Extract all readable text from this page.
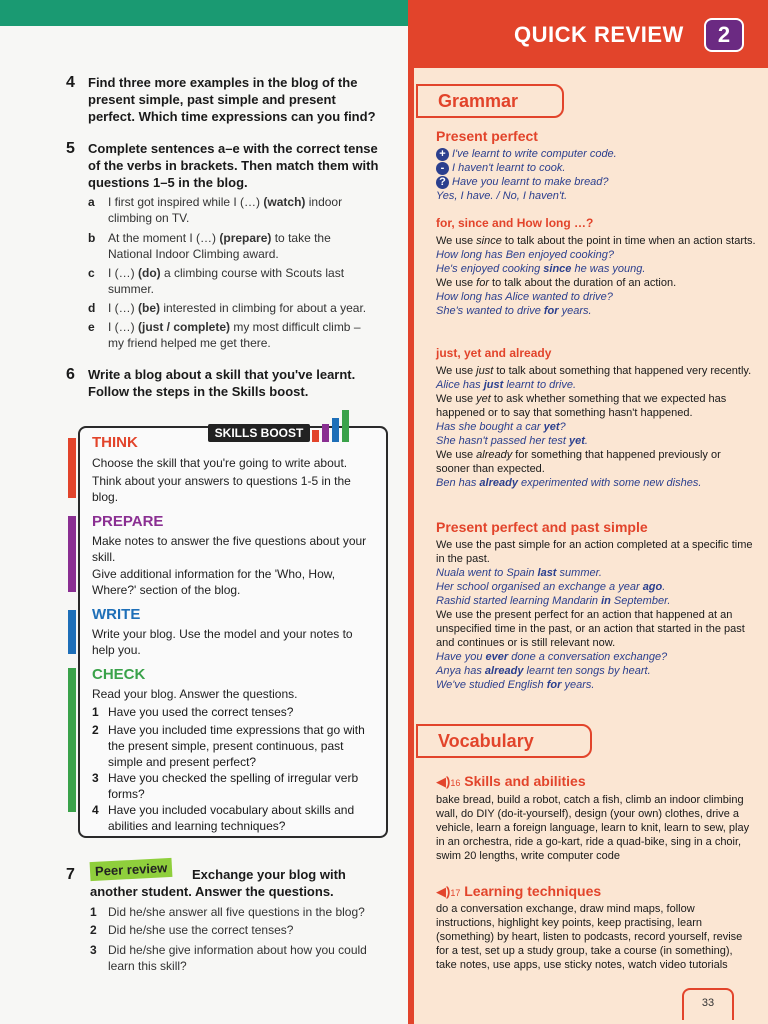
QUICK REVIEW	2
4 Find three more examples in the blog of the present simple, past simple and present perfect. Which time expressions can you find?
5 Complete sentences a–e with the correct tense of the verbs in brackets. Then match them with questions 1–5 in the blog.
a I first got inspired while I (…) (watch) indoor climbing on TV.
b At the moment I (…) (prepare) to take the National Indoor Climbing award.
c I (…) (do) a climbing course with Scouts last summer.
d I (…) (be) interested in climbing for about a year.
e I (…) (just / complete) my most difficult climb – my friend helped me get there.
6 Write a blog about a skill that you've learnt. Follow the steps in the Skills boost.
SKILLS BOOST
THINK
Choose the skill that you're going to write about.
Think about your answers to questions 1-5 in the blog.
PREPARE
Make notes to answer the five questions about your skill.
Give additional information for the 'Who, How, Where?' section of the blog.
WRITE
Write your blog. Use the model and your notes to help you.
CHECK
Read your blog. Answer the questions.
1 Have you used the correct tenses?
2 Have you included time expressions that go with the present simple, present continuous, past simple and present perfect?
3 Have you checked the spelling of irregular verb forms?
4 Have you included vocabulary about skills and abilities and learning techniques?
7	Peer review	Exchange your blog with another student. Answer the questions.
1 Did he/she answer all five questions in the blog?
2 Did he/she use the correct tenses?
3 Did he/she give information about how you could learn this skill?
Grammar
Present perfect
+ I've learnt to write computer code.
- I haven't learnt to cook.
? Have you learnt to make bread?
Yes, I have. / No, I haven't.
for, since and How long …?
We use since to talk about the point in time when an action starts.
How long has Ben enjoyed cooking?
He's enjoyed cooking since he was young.
We use for to talk about the duration of an action.
How long has Alice wanted to drive?
She's wanted to drive for years.
just, yet and already
We use just to talk about something that happened very recently.
Alice has just learnt to drive.
We use yet to ask whether something that we expected has happened or to say that something hasn't happened.
Has she bought a car yet?
She hasn't passed her test yet.
We use already for something that happened previously or sooner than expected.
Ben has already experimented with some new dishes.
Present perfect and past simple
We use the past simple for an action completed at a specific time in the past.
Nuala went to Spain last summer.
Her school organised an exchange a year ago.
Rashid started learning Mandarin in September.
We use the present perfect for an action that happened at an unspecified time in the past, or an action that started in the past and continues or is still relevant now.
Have you ever done a conversation exchange?
Anya has already learnt ten songs by heart.
We've studied English for years.
Vocabulary
◀)16 Skills and abilities
bake bread, build a robot, catch a fish, climb an indoor climbing wall, do DIY (do-it-yourself), design (your own) clothes, drive a vehicle, learn a foreign language, learn to knit, learn to sew, play in an orchestra, ride a go-kart, ride a quad-bike, sing in a choir, swim 20 lengths, write computer code
◀)17 Learning techniques
do a conversation exchange, draw mind maps, follow instructions, highlight key points, keep practising, learn (something) by heart, listen to podcasts, record yourself, revise for a test, set up a study group, take a course (in something), take notes, use apps, use sticky notes, watch video tutorials
33
